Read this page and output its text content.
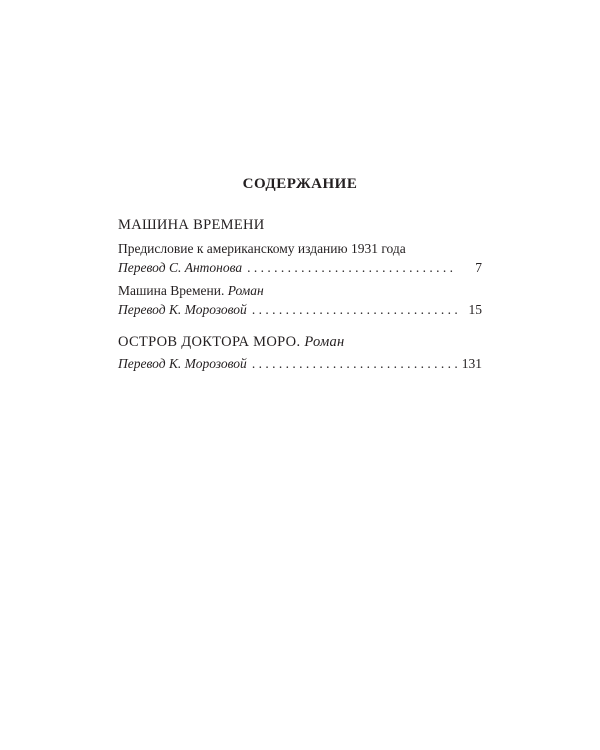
СОДЕРЖАНИЕ
МАШИНА ВРЕМЕНИ
Предисловие к американскому изданию 1931 года
Перевод С. Антонова . . .	7
Машина Времени. Роман
Перевод К. Морозовой . . .	15
ОСТРОВ ДОКТОРА МОРО. Роман
Перевод К. Морозовой . . .	131
